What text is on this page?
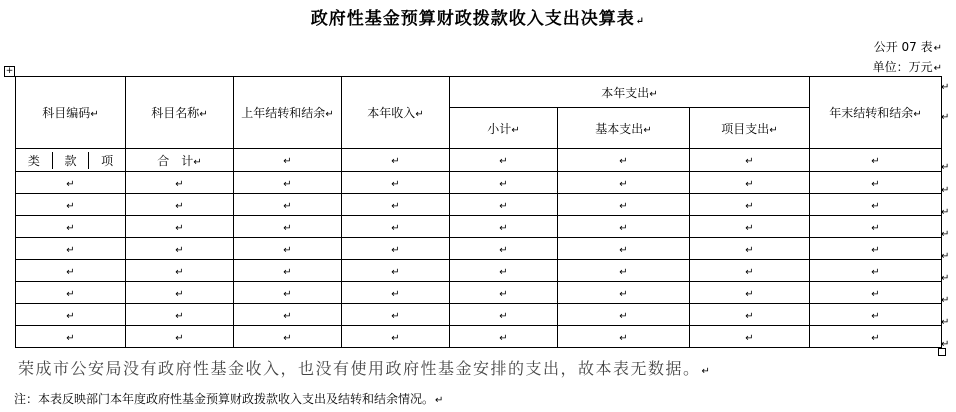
政府性基金预算财政拨款收入支出决算表↵
公开 07 表↵
单位：万元↵
+
科目编码↵	科目名称↵	上年结转和结余↵	本年收入↵	本年支出↵			年末结转和结余↵
				小计↵	基本支出↵	项目支出↵	

类 款 项	合　计↵	↵	↵	↵	↵	↵	↵
↵	↵	↵	↵	↵	↵	↵	↵
↵	↵	↵	↵	↵	↵	↵	↵
↵	↵	↵	↵	↵	↵	↵	↵
↵	↵	↵	↵	↵	↵	↵	↵
↵	↵	↵	↵	↵	↵	↵	↵
↵	↵	↵	↵	↵	↵	↵	↵
↵	↵	↵	↵	↵	↵	↵	↵
↵	↵	↵	↵	↵	↵	↵	↵
荣成市公安局没有政府性基金收入，也没有使用政府性基金安排的支出，故本表无数据。↵
注：本表反映部门本年度政府性基金预算财政拨款收入支出及结转和结余情况。↵
↵
↵
↵
↵
↵
↵
↵
↵
↵
↵
↵
